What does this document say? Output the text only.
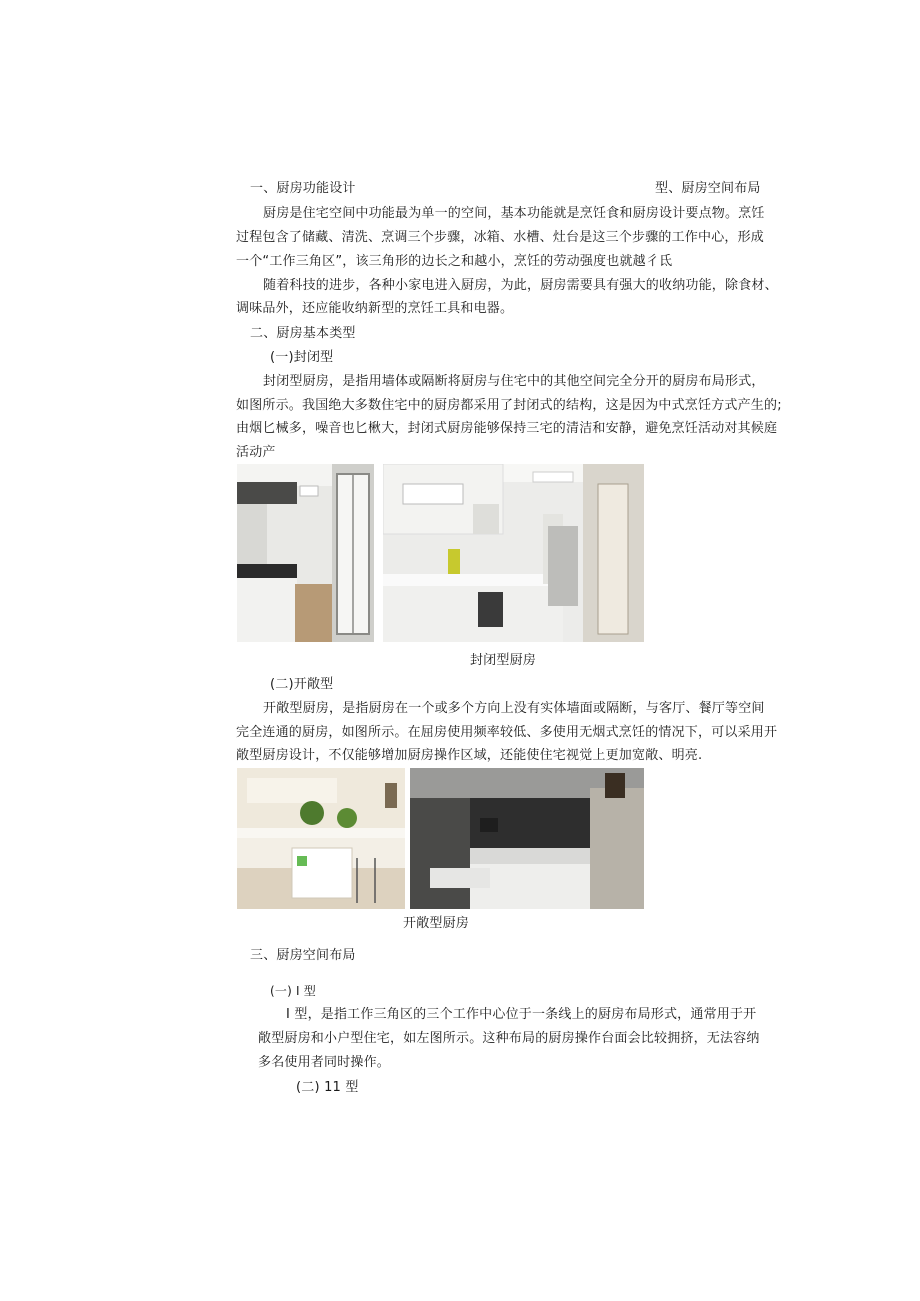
一、厨房功能设计	型、厨房空间布局
厨房是住宅空间中功能最为单一的空间，基本功能就是烹饪食和厨房设计要点物。烹饪
过程包含了储藏、清洗、烹调三个步骤，冰箱、水槽、灶台是这三个步骤的工作中心，形成
一个“工作三角区”，该三角形的边长之和越小，烹饪的劳动强度也就越彳氐
随着科技的进步，各种小家电进入厨房，为此，厨房需要具有强大的收纳功能，除食材、
调味品外，还应能收纳新型的烹饪工具和电器。
二、厨房基本类型
(一)封闭型
封闭型厨房，是指用墙体或隔断将厨房与住宅中的其他空间完全分开的厨房布局形式，
如图所示。我国绝大多数住宅中的厨房都采用了封闭式的结构，这是因为中式烹饪方式产生的;
由烟匕械多，噪音也匕楸大，封闭式厨房能够保持三宅的清洁和安静，避免烹饪活动对其候庭
活动产
封闭型厨房
(二)开敞型
开敞型厨房，是指厨房在一个或多个方向上没有实体墙面或隔断，与客厅、餐厅等空间
完全连通的厨房，如图所示。在屈房使用频率较低、多使用无烟式烹饪的情况下，可以采用开
敞型厨房设计，不仅能够增加厨房操作区域，还能使住宅视觉上更加宽敞、明亮.
开敞型厨房
三、厨房空间布局
(一) I 型
I 型，是指工作三角区的三个工作中心位于一条线上的厨房布局形式，通常用于开
敞型厨房和小户型住宅，如左图所示。这种布局的厨房操作台面会比较拥挤，无法容纳
多名使用者同时操作。
(二) 11 型
